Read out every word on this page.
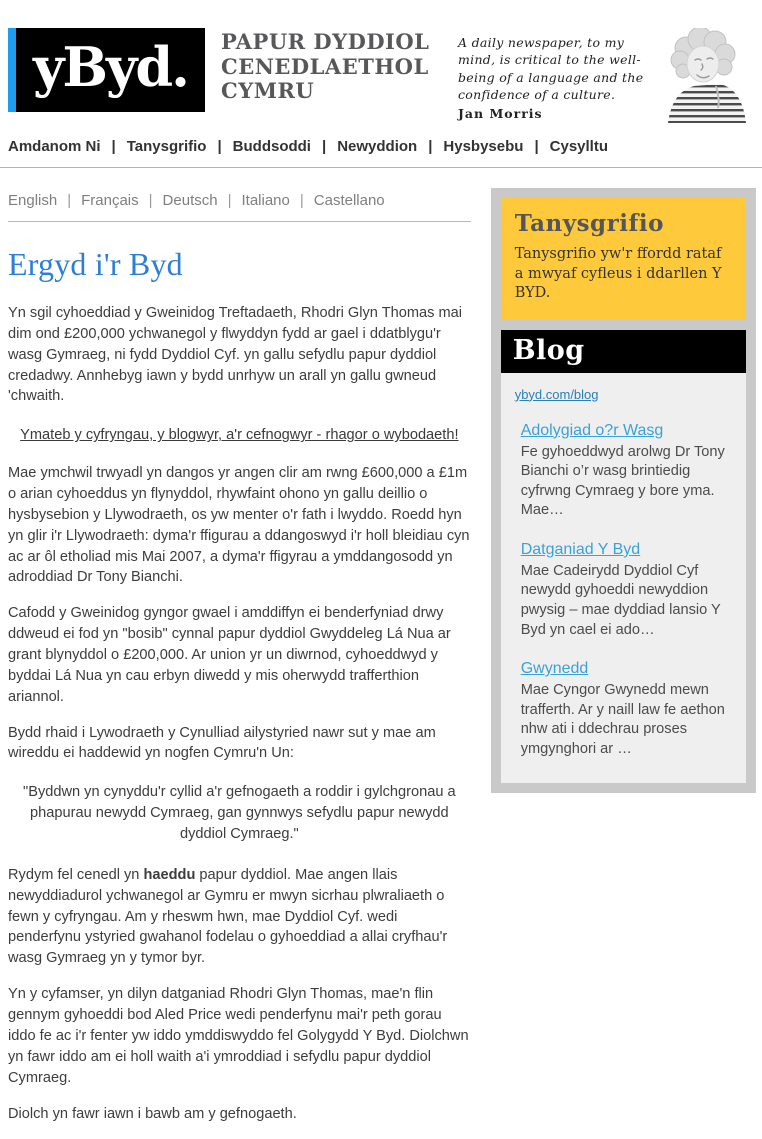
yByd. PAPUR DYDDIOL
CENEDLAETHOL
CYMRU
A daily newspaper, to my mind, is critical to the well-being of a language and the confidence of a culture.
Jan Morris
Amdanom Ni | Tanysgrifio | Buddsoddi | Newyddion | Hysbysebu | Cysylltu
English | Français | Deutsch | Italiano | Castellano
Ergyd i'r Byd

Yn sgil cyhoeddiad y Gweinidog Treftadaeth, Rhodri Glyn Thomas mai dim ond £200,000 ychwanegol y flwyddyn fydd ar gael i ddatblygu'r wasg Gymraeg, ni fydd Dyddiol Cyf. yn gallu sefydlu papur dyddiol credadwy. Annhebyg iawn y bydd unrhyw un arall yn gallu gwneud 'chwaith.

Ymateb y cyfryngau, y blogwyr, a'r cefnogwyr - rhagor o wybodaeth!

Mae ymchwil trwyadl yn dangos yr angen clir am rwng £600,000 a £1m o arian cyhoeddus yn flynyddol, rhywfaint ohono yn gallu deillio o hysbysebion y Llywodraeth, os yw menter o'r fath i lwyddo. Roedd hyn yn glir i'r Llywodraeth: dyma'r ffigurau a ddangoswyd i'r holl bleidiau cyn ac ar ôl etholiad mis Mai 2007, a dyma'r ffigyrau a ymddangosodd yn adroddiad Dr Tony Bianchi.

Cafodd y Gweinidog gyngor gwael i amddiffyn ei benderfyniad drwy ddweud ei fod yn "bosib" cynnal papur dyddiol Gwyddeleg Lá Nua ar grant blynyddol o £200,000. Ar union yr un diwrnod, cyhoeddwyd y byddai Lá Nua yn cau erbyn diwedd y mis oherwydd trafferthion ariannol.

Bydd rhaid i Lywodraeth y Cynulliad ailystyried nawr sut y mae am wireddu ei haddewid yn nogfen Cymru'n Un:

"Byddwn yn cynyddu'r cyllid a'r gefnogaeth a roddir i gylchgronau a phapurau newydd Cymraeg, gan gynnwys sefydlu papur newydd dyddiol Cymraeg."

Rydym fel cenedl yn haeddu papur dyddiol. Mae angen llais newyddiadurol ychwanegol ar Gymru er mwyn sicrhau plwraliaeth o fewn y cyfryngau. Am y rheswm hwn, mae Dyddiol Cyf. wedi penderfynu ystyried gwahanol fodelau o gyhoeddiad a allai cryfhau'r wasg Gymraeg yn y tymor byr.

Yn y cyfamser, yn dilyn datganiad Rhodri Glyn Thomas, mae'n flin gennym gyhoeddi bod Aled Price wedi penderfynu mai'r peth gorau iddo fe ac i'r fenter yw iddo ymddiswyddo fel Golygydd Y Byd. Diolchwn yn fawr iddo am ei holl waith a'i ymroddiad i sefydlu papur dyddiol Cymraeg.

Diolch yn fawr iawn i bawb am y gefnogaeth.

Tanysgrifio
Tanysgrifio yw'r ffordd rataf a mwyaf cyfleus i ddarllen Y BYD.
Blog
ybyd.com/blog
Adolygiad o?r Wasg
Fe gyhoeddwyd arolwg Dr Tony Bianchi o’r wasg brintiedig cyfrwng Cymraeg y bore yma. Mae…
Datganiad Y Byd
Mae Cadeirydd Dyddiol Cyf newydd gyhoeddi newyddion pwysig – mae dyddiad lansio Y Byd yn cael ei ado…
Gwynedd
Mae Cyngor Gwynedd mewn trafferth. Ar y naill law fe aethon nhw ati i ddechrau proses ymgynghori ar …
